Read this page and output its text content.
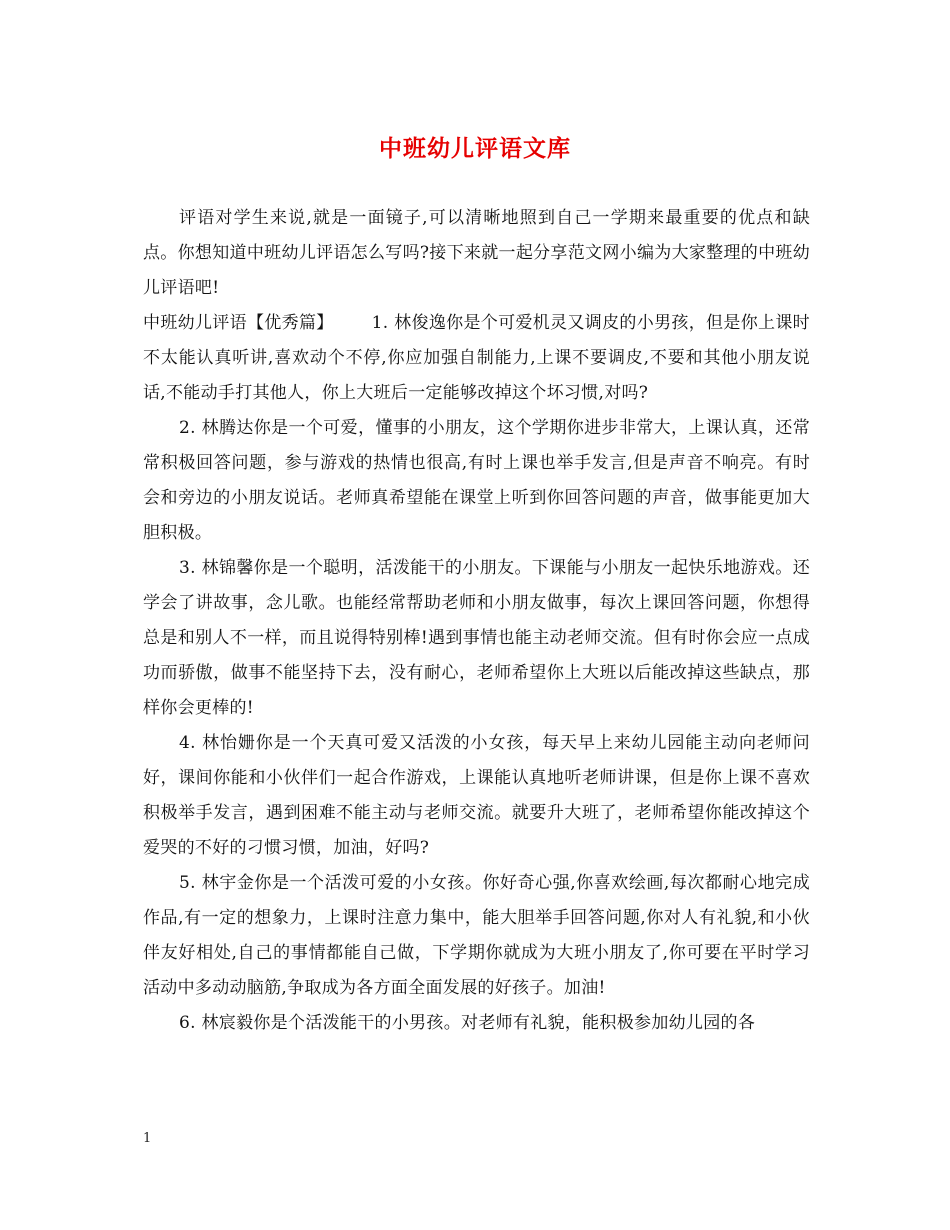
中班幼儿评语文库

评语对学生来说,就是一面镜子,可以清晰地照到自己一学期来最重要的优点和缺点。你想知道中班幼儿评语怎么写吗?接下来就一起分享范文网小编为大家整理的中班幼儿评语吧!

中班幼儿评语【优秀篇】 1. 林俊逸你是个可爱机灵又调皮的小男孩，但是你上课时不太能认真听讲,喜欢动个不停,你应加强自制能力,上课不要调皮,不要和其他小朋友说话,不能动手打其他人，你上大班后一定能够改掉这个坏习惯,对吗?

2. 林腾达你是一个可爱，懂事的小朋友，这个学期你进步非常大，上课认真，还常常积极回答问题，参与游戏的热情也很高,有时上课也举手发言,但是声音不响亮。有时会和旁边的小朋友说话。老师真希望能在课堂上听到你回答问题的声音，做事能更加大胆积极。

3. 林锦馨你是一个聪明，活泼能干的小朋友。下课能与小朋友一起快乐地游戏。还学会了讲故事，念儿歌。也能经常帮助老师和小朋友做事，每次上课回答问题，你想得总是和别人不一样，而且说得特别棒!遇到事情也能主动老师交流。但有时你会应一点成功而骄傲，做事不能坚持下去，没有耐心，老师希望你上大班以后能改掉这些缺点，那样你会更棒的!

4. 林怡姗你是一个天真可爱又活泼的小女孩，每天早上来幼儿园能主动向老师问好，课间你能和小伙伴们一起合作游戏，上课能认真地听老师讲课，但是你上课不喜欢积极举手发言，遇到困难不能主动与老师交流。就要升大班了，老师希望你能改掉这个爱哭的不好的刁惯习惯，加油，好吗?

5. 林宇金你是一个活泼可爱的小女孩。你好奇心强,你喜欢绘画,每次都耐心地完成作品,有一定的想象力，上课时注意力集中，能大胆举手回答问题,你对人有礼貌,和小伙伴友好相处,自己的事情都能自己做，下学期你就成为大班小朋友了,你可要在平时学习活动中多动动脑筋,争取成为各方面全面发展的好孩子。加油!

6. 林宸毅你是个活泼能干的小男孩。对老师有礼貌，能积极参加幼儿园的各

1
